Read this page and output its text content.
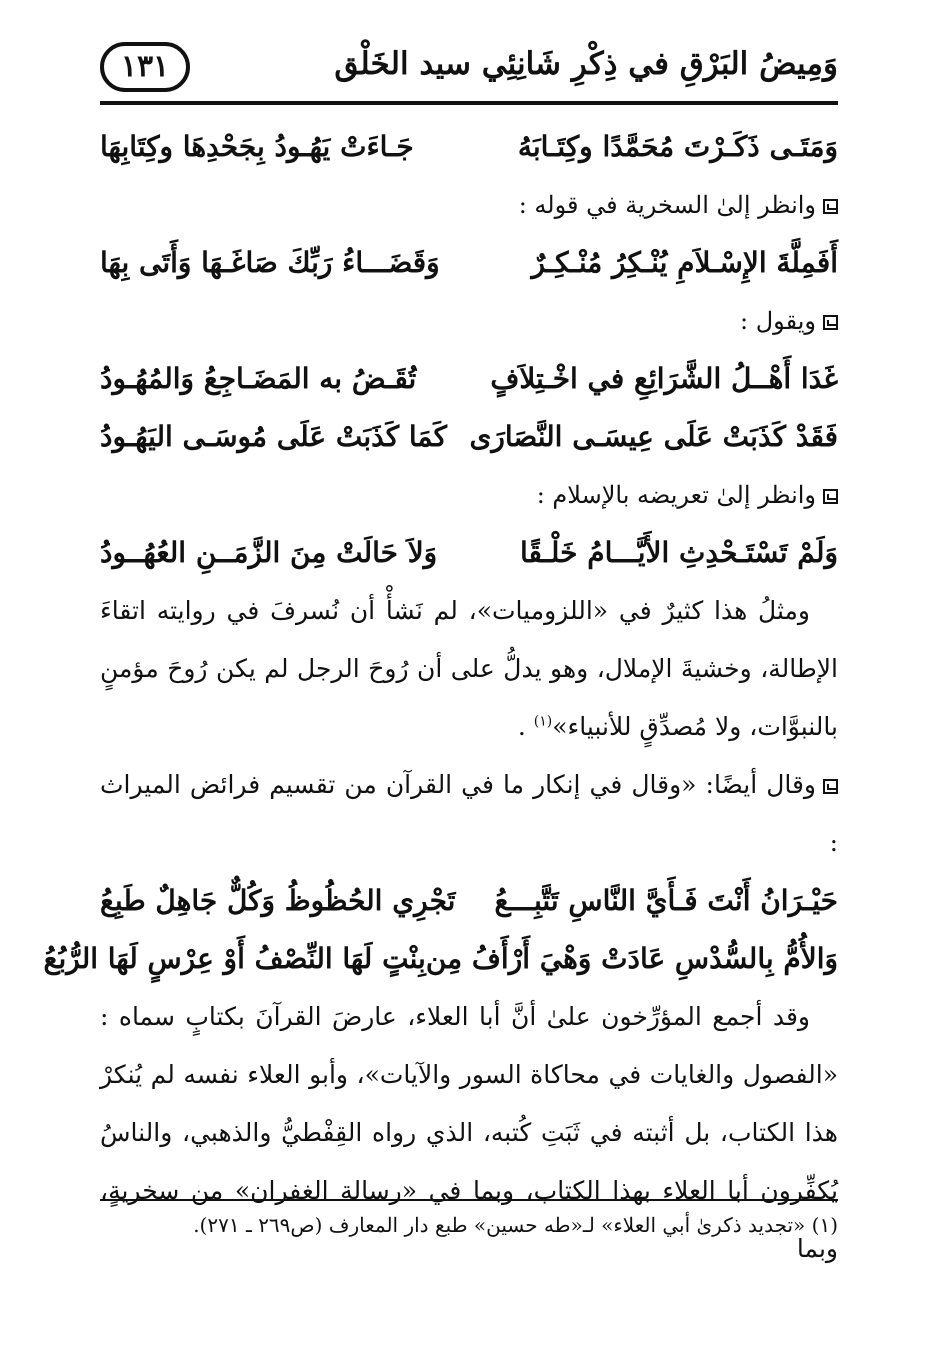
وَمِيضُ البَرْقِ في ذِكْرِ شَانِئِي سيد الخَلْق
١٣١
وَمَتَـى ذَكَـرْتَ مُحَمَّدًا وكِتَـابَهُ
جَـاءَتْ يَهُـودُ بِجَحْدِهَا وكِتَابِهَا
وانظر إلىٰ السخرية في قوله :
أَفَمِلَّةَ الإِسْـلاَمِ يُنْـكِرُ مُنْـكِـرٌ
وَقَضَـــاءُ رَبِّكَ صَاغَـهَا وَأَتَى بِهَا
ويقول :
غَدَا أَهْــلُ الشَّرَائِعِ في اخْـتِلاَفٍ
تُقَـضُ به المَضَـاجِعُ وَالمُهُـودُ
فَقَدْ كَذَبَتْ عَلَى عِيسَـى النَّصَارَى
كَمَا كَذَبَتْ عَلَى مُوسَـى اليَهُـودُ
وانظر إلىٰ تعريضه بالإسلام :
وَلَمْ تَسْتَـحْدِثِ الأَيَّـــامُ خَلْـقًا
وَلاَ حَالَتْ مِنَ الزَّمَــنِ العُهُــودُ

ومثلُ هذا كثيرٌ في «اللزوميات»، لم نَشأْ أن نُسرفَ في روايته اتقاءَ الإطالة، وخشيةَ الإملال، وهو يدلُّ على أن رُوحَ الرجل لم يكن رُوحَ مؤمنٍ بالنبوَّات، ولا مُصدِّقٍ للأنبياء»$^{(١)}$ .

وقال أيضًا: «وقال في إنكار ما في القرآن من تقسيم فرائض الميراث :

حَيْـرَانُ أَنْتَ فَـأَيَّ النَّاسِ تَتَّبِـــعُ
تَجْرِي الحُظُوظُ وَكُلٌّ جَاهِلٌ طَبِعُ
وَالأُمُّ بِالسُّدْسِ عَادَتْ وَهْيَ أَرْأَفُ مِن
بِنْتٍ لَهَا النِّصْفُ أَوْ عِرْسٍ لَهَا الرُّبُعُ

وقد أجمع المؤرِّخون علىٰ أنَّ أبا العلاء، عارضَ القرآنَ بكتابٍ سماه : «الفصول والغايات في محاكاة السور والآيات»، وأبو العلاء نفسه لم يُنكرْ هذا الكتاب، بل أثبته في ثَبَتِ كُتبه، الذي رواه القِفْطيُّ والذهبي، والناسُ يُكفِّرون أبا العلاء بهذا الكتاب، وبما في «رسالة الغفران» من سخريةٍ، وبما

(١) «تجديد ذكرىٰ أبي العلاء» لـ«طه حسين» طبع دار المعارف (ص٢٦٩ ـ ٢٧١).
